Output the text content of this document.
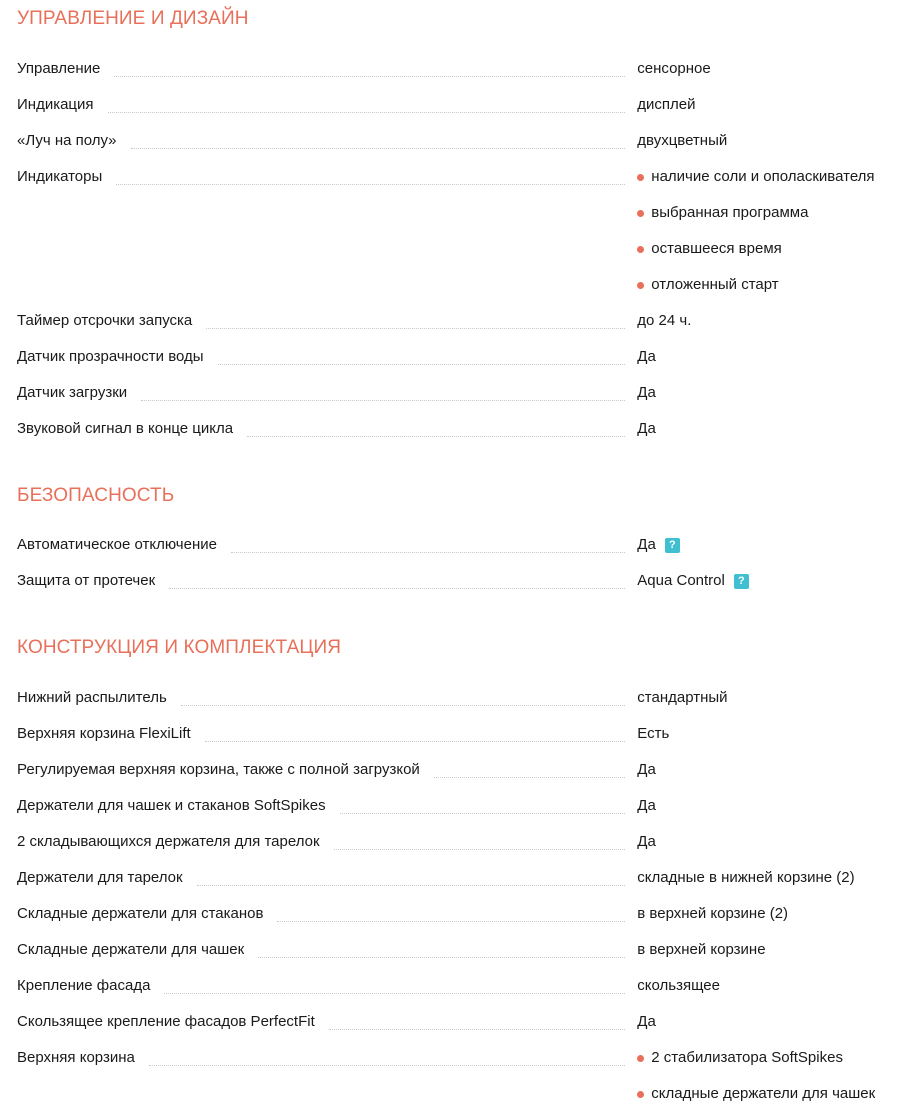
УПРАВЛЕНИЕ И ДИЗАЙН
Управление	сенсорное
Индикация	дисплей
«Луч на полу»	двухцветный
Индикаторы	наличие соли и ополаскивателя
выбранная программа
оставшееся время
отложенный старт
Таймер отсрочки запуска	до 24 ч.
Датчик прозрачности воды	Да
Датчик загрузки	Да
Звуковой сигнал в конце цикла	Да
БЕЗОПАСНОСТЬ
Автоматическое отключение	Да	?
Защита от протечек	Aqua Control	?
КОНСТРУКЦИЯ И КОМПЛЕКТАЦИЯ
Нижний распылитель	стандартный
Верхняя корзина FlexiLift	Есть
Регулируемая верхняя корзина, также с полной загрузкой	Да
Держатели для чашек и стаканов SoftSpikes	Да
2 складывающихся держателя для тарелок	Да
Держатели для тарелок	складные в нижней корзине (2)
Складные держатели для стаканов	в верхней корзине (2)
Складные держатели для чашек	в верхней корзине
Крепление фасада	скользящее
Скользящее крепление фасадов PerfectFit	Да
Верхняя корзина	2 стабилизатора SoftSpikes
складные держатели для чашек
